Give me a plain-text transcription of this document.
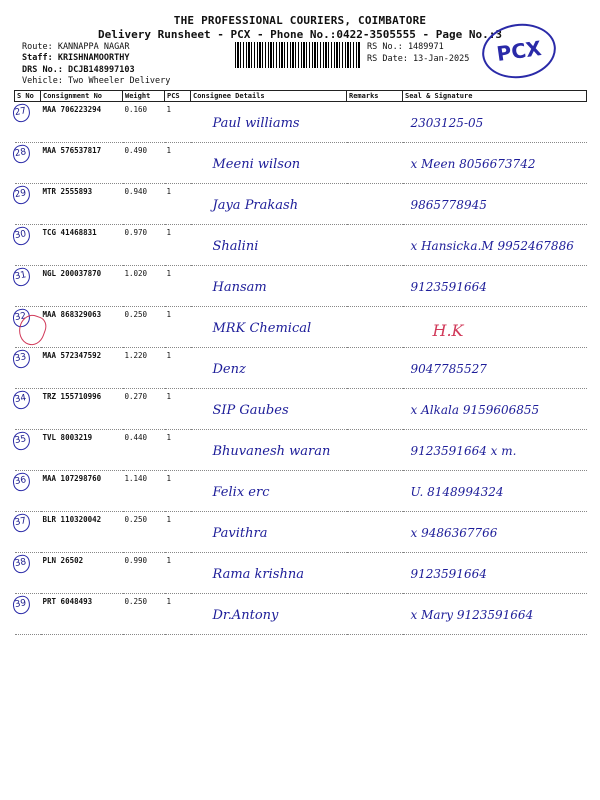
THE PROFESSIONAL COURIERS, COIMBATORE
Delivery Runsheet - PCX - Phone No.:0422-3505555 - Page No.:3
Route: KANNAPPA NAGAR
Staff: KRISHNAMOORTHY
DRS No.: DCJB148997103
Vehicle: Two Wheeler Delivery
RS No.: 1489971
RS Date: 13-Jan-2025	PCX
S No	Consignment No	Weight	PCS	Consignee Details	Remarks	Seal & Signature

27	MAA 706223294	0.160	1	Paul williams		2303125-05

28	MAA 576537817	0.490	1	Meeni wilson		x Meen 8056673742

29	MTR 2555893	0.940	1	Jaya Prakash		9865778945

30	TCG 41468831	0.970	1	Shalini		x Hansicka.M 9952467886

31	NGL 200037870	1.020	1	Hansam		9123591664

32	MAA 868329063	0.250	1	MRK Chemical		H.K

33	MAA 572347592	1.220	1	Denz		9047785527

34	TRZ 155710996	0.270	1	SIP Gaubes		x Alkala 9159606855

35	TVL 8003219	0.440	1	Bhuvanesh waran		9123591664 x m.

36	MAA 107298760	1.140	1	Felix erc		U. 8148994324

37	BLR 110320042	0.250	1	Pavithra		x 9486367766

38	PLN 26502	0.990	1	Rama krishna		9123591664

39	PRT 6048493	0.250	1	Dr.Antony		x Mary 9123591664
